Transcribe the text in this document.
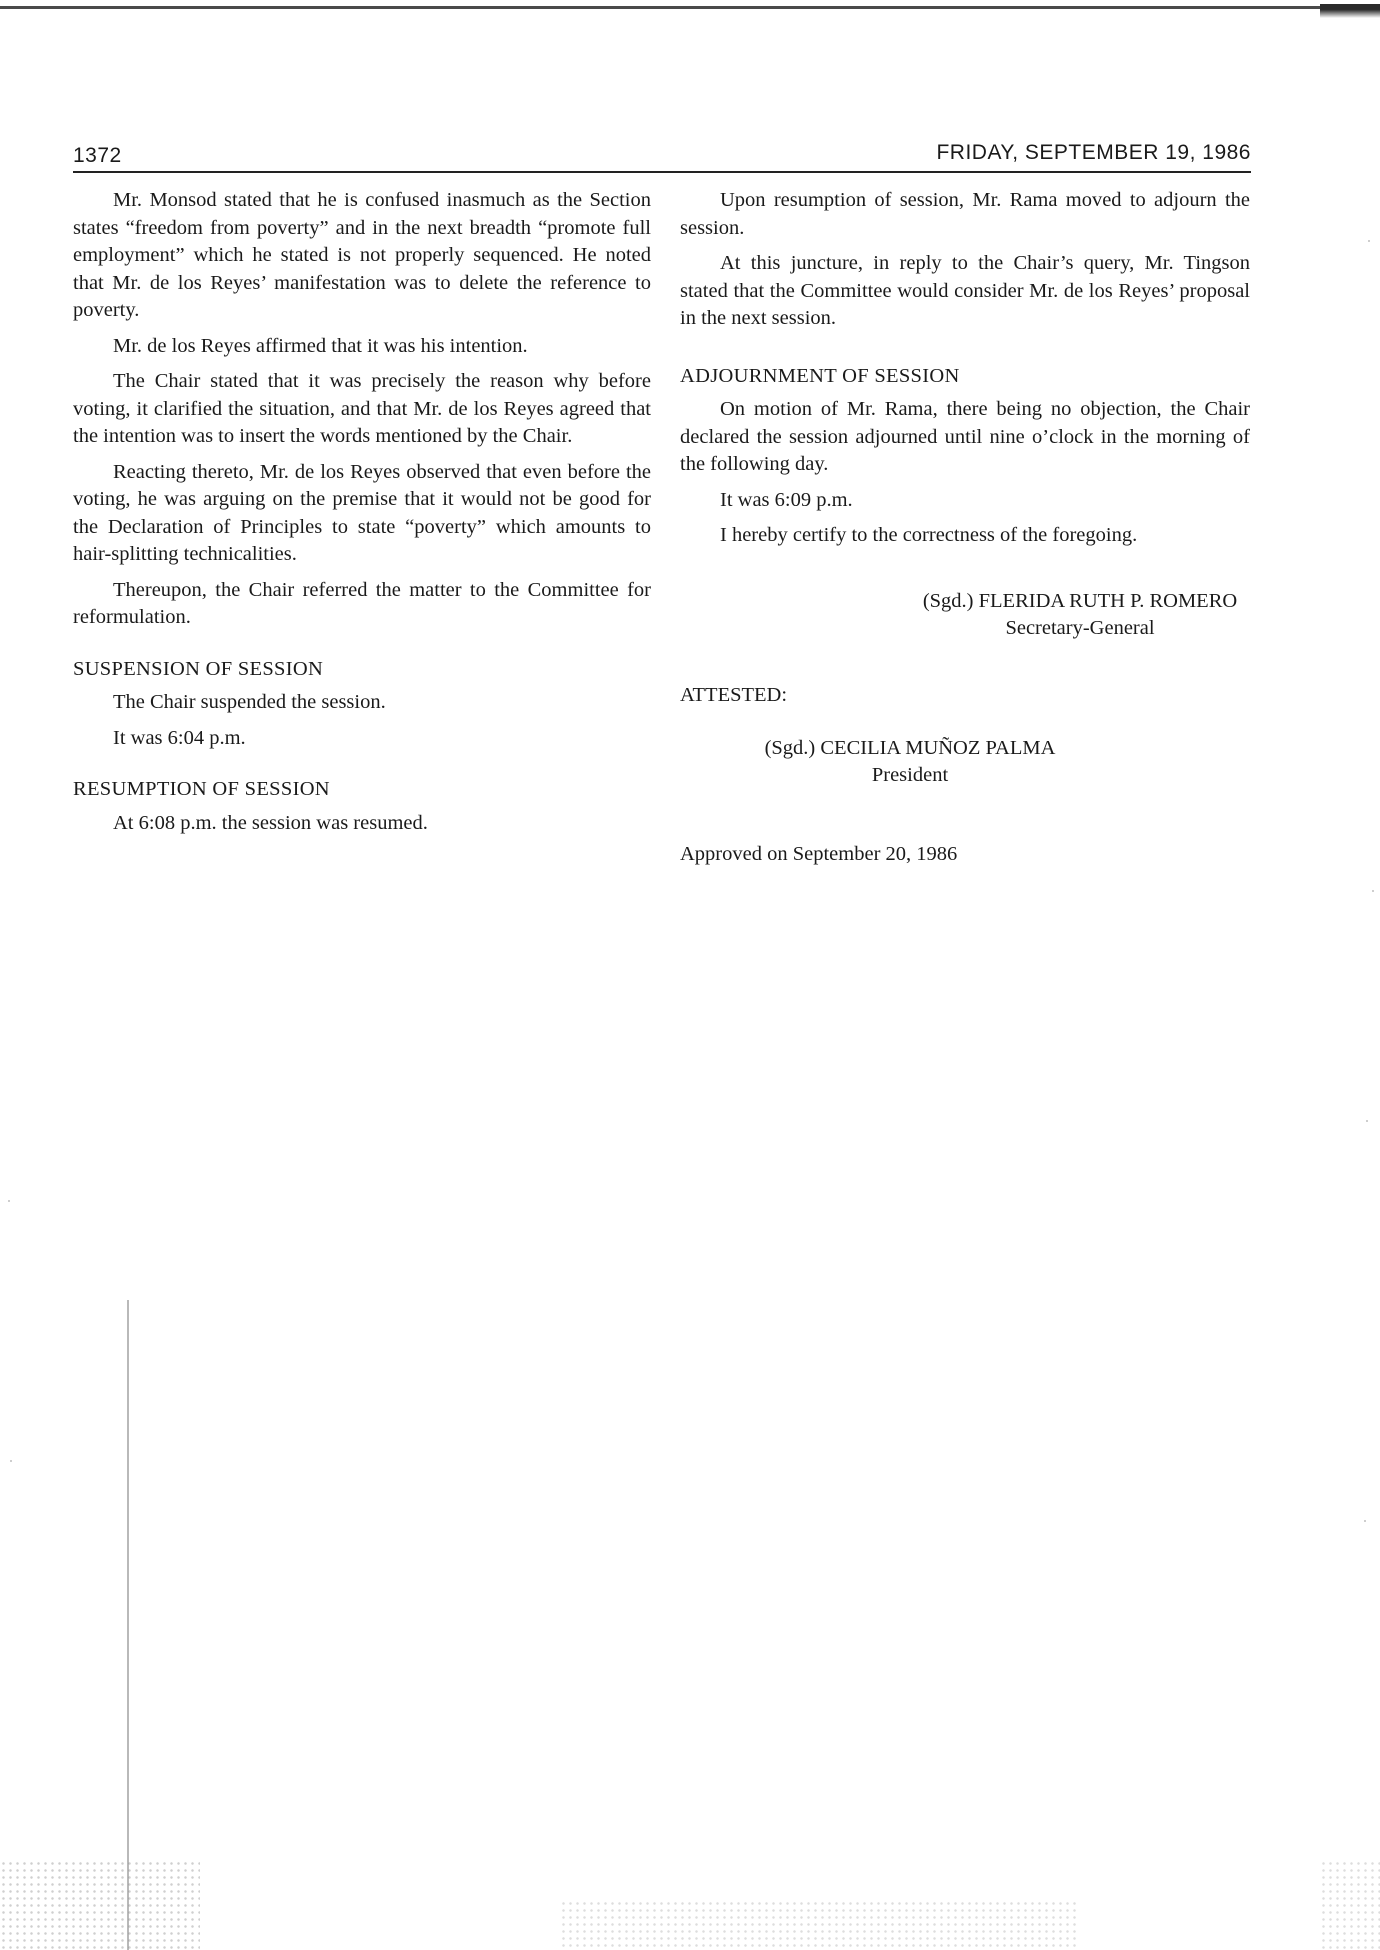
1372	FRIDAY, SEPTEMBER 19, 1986

Mr. Monsod stated that he is confused inasmuch as the Section states “freedom from poverty” and in the next breadth “promote full employment” which he stated is not properly sequenced. He noted that Mr. de los Reyes’ manifestation was to delete the reference to poverty.

Mr. de los Reyes affirmed that it was his intention.

The Chair stated that it was precisely the reason why before voting, it clarified the situation, and that Mr. de los Reyes agreed that the intention was to insert the words mentioned by the Chair.

Reacting thereto, Mr. de los Reyes observed that even before the voting, he was arguing on the premise that it would not be good for the Declaration of Principles to state “poverty” which amounts to hair-splitting technicalities.

Thereupon, the Chair referred the matter to the Committee for reformulation.

SUSPENSION OF SESSION
The Chair suspended the session.
It was 6:04 p.m.
RESUMPTION OF SESSION
At 6:08 p.m. the session was resumed.

Upon resumption of session, Mr. Rama moved to adjourn the session.

At this juncture, in reply to the Chair’s query, Mr. Tingson stated that the Committee would consider Mr. de los Reyes’ proposal in the next session.

ADJOURNMENT OF SESSION

On motion of Mr. Rama, there being no objection, the Chair declared the session adjourned until nine o’clock in the morning of the following day.

It was 6:09 p.m.

I hereby certify to the correctness of the foregoing.

(Sgd.) FLERIDA RUTH P. ROMERO
Secretary-General
ATTESTED:
(Sgd.) CECILIA MUÑOZ PALMA
President
Approved on September 20, 1986
